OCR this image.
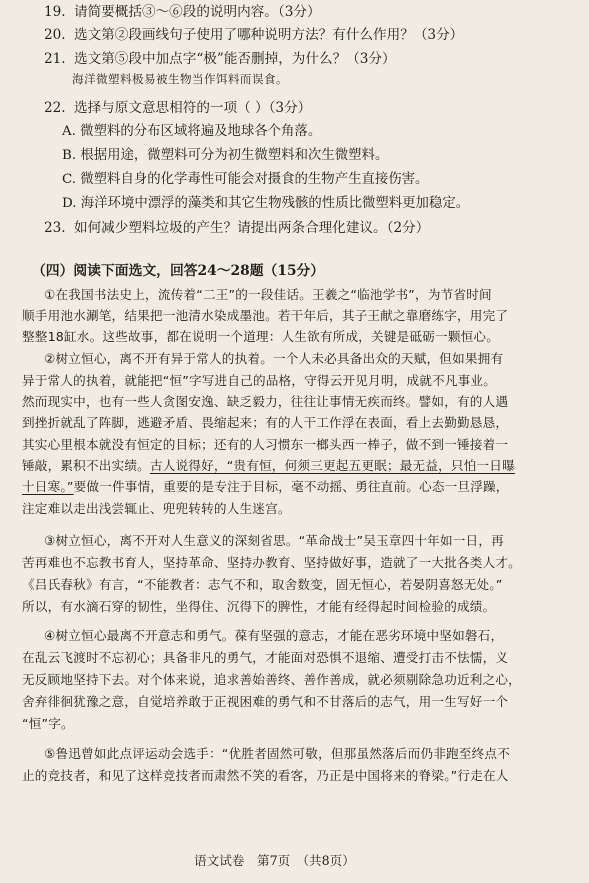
19. 请简要概括③～⑥段的说明内容。（3分）
20. 选文第②段画线句子使用了哪种说明方法？有什么作用？（3分）
21. 选文第⑤段中加点字“极”能否删掉，为什么？（3分）
海洋微塑料极易被生物当作饵料而误食。
22. 选择与原文意思相符的一项（ ）（3分）
A. 微塑料的分布区域将遍及地球各个角落。
B. 根据用途，微塑料可分为初生微塑料和次生微塑料。
C. 微塑料自身的化学毒性可能会对摄食的生物产生直接伤害。
D. 海洋环境中漂浮的藻类和其它生物残骸的性质比微塑料更加稳定。
23. 如何减少塑料垃圾的产生？请提出两条合理化建议。（2分）
（四）阅读下面选文，回答24～28题（15分）
①在我国书法史上，流传着“二王”的一段佳话。王羲之“临池学书”，为节省时间
顺手用池水涮笔，结果把一池清水染成墨池。若干年后，其子王献之靠磨练字，用完了
整整18缸水。这些故事，都在说明一个道理：人生欲有所成，关键是砥砺一颗恒心。
②树立恒心，离不开有异于常人的执着。一个人未必具备出众的天赋，但如果拥有
异于常人的执着，就能把“恒”字写进自己的品格，守得云开见月明，成就不凡事业。
然而现实中，也有一些人贪图安逸、缺乏毅力，往往让事情无疾而终。譬如，有的人遇
到挫折就乱了阵脚，逃避矛盾、畏缩起来；有的人干工作浮在表面，看上去勤勤恳恳，
其实心里根本就没有恒定的目标；还有的人习惯东一榔头西一棒子，做不到一锤接着一
锤敲，累积不出实绩。古人说得好，“贵有恒，何须三更起五更眠；最无益，只怕一日曝
十日寒。”要做一件事情，重要的是专注于目标，毫不动摇、勇往直前。心态一旦浮躁，
注定难以走出浅尝辄止、兜兜转转的人生迷宫。
③树立恒心，离不开对人生意义的深刻省思。“革命战士”吴玉章四十年如一日，再
苦再难也不忘教书育人，坚持革命、坚持办教育、坚持做好事，造就了一大批各类人才。
《吕氏春秋》有言，“不能教者：志气不和，取舍数变，固无恒心，若晏阴喜怒无处。”
所以，有水滴石穿的韧性，坐得住、沉得下的脾性，才能有经得起时间检验的成绩。
④树立恒心最离不开意志和勇气。葆有坚强的意志，才能在恶劣环境中坚如磐石，
在乱云飞渡时不忘初心；具备非凡的勇气，才能面对恐惧不退缩、遭受打击不怯懦，义
无反顾地坚持下去。对个体来说，追求善始善终、善作善成，就必须剔除急功近利之心，
舍弃徘徊犹豫之意，自觉培养敢于正视困难的勇气和不甘落后的志气，用一生写好一个
“恒”字。
⑤鲁迅曾如此点评运动会选手：“优胜者固然可敬，但那虽然落后而仍非跑至终点不
止的竞技者，和见了这样竞技者而肃然不笑的看客，乃正是中国将来的脊梁。”行走在人
语文试卷　第7页　（共8页）
